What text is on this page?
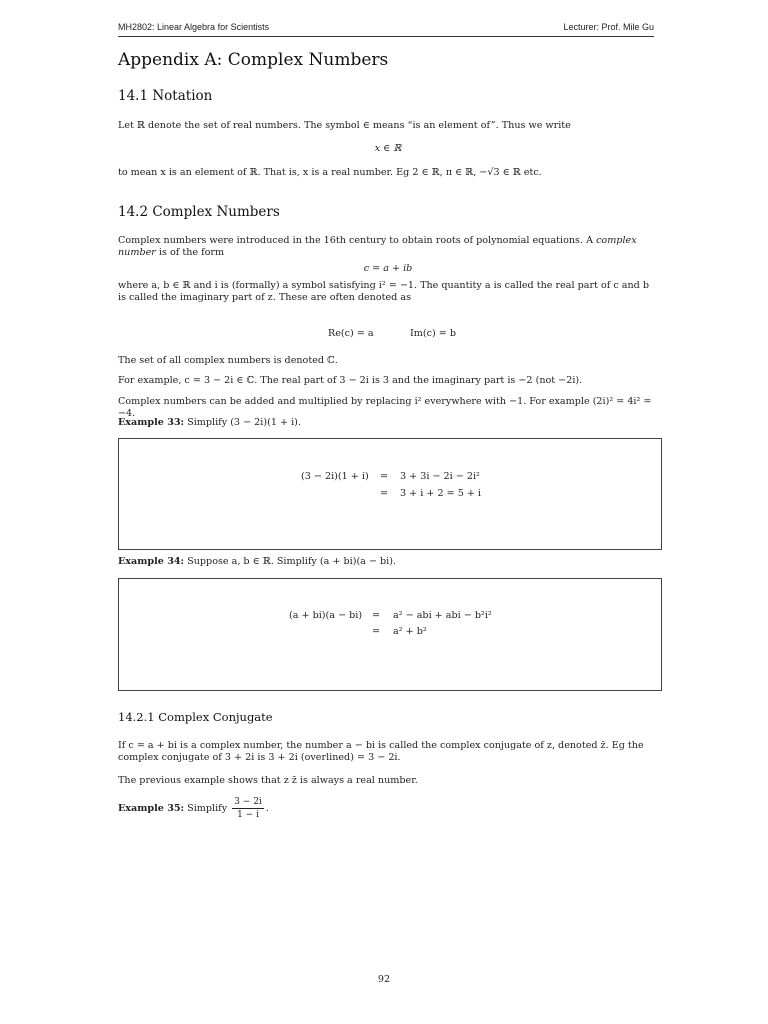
MH2802: Linear Algebra for Scientists	Lecturer: Prof. Mile Gu
Appendix A: Complex Numbers
14.1 Notation
Let ℝ denote the set of real numbers. The symbol ∈ means “is an element of”. Thus we write
x ∈ ℝ
to mean x is an element of ℝ. That is, x is a real number. Eg 2 ∈ ℝ, π ∈ ℝ, −√3 ∈ ℝ etc.
14.2 Complex Numbers
Complex numbers were introduced in the 16th century to obtain roots of polynomial equations. A complex number is of the form
c = a + ib
where a, b ∈ ℝ and i is (formally) a symbol satisfying i² = −1. The quantity a is called the real part of c and b is called the imaginary part of z. These are often denoted as
Re(c) = a	Im(c) = b
The set of all complex numbers is denoted ℂ.
For example, c = 3 − 2i ∈ ℂ. The real part of 3 − 2i is 3 and the imaginary part is −2 (not −2i).
Complex numbers can be added and multiplied by replacing i² everywhere with −1. For example (2i)² = 4i² = −4.
Example 33: Simplify (3 − 2i)(1 + i).
(3 − 2i)(1 + i) = 3 + 3i − 2i − 2i²
= 3 + i + 2 = 5 + i
Example 34: Suppose a, b ∈ ℝ. Simplify (a + bi)(a − bi).
(a + bi)(a − bi) = a² − abi + abi − b²i²
= a² + b²
14.2.1 Complex Conjugate
If c = a + bi is a complex number, the number a − bi is called the complex conjugate of z, denoted z̄. Eg the complex conjugate of 3 + 2i is 3 + 2i (overlined) = 3 − 2i.
The previous example shows that z z̄ is always a real number.
Example 35: Simplify $\frac{3 - 2i}{1 - i}$ .
92
